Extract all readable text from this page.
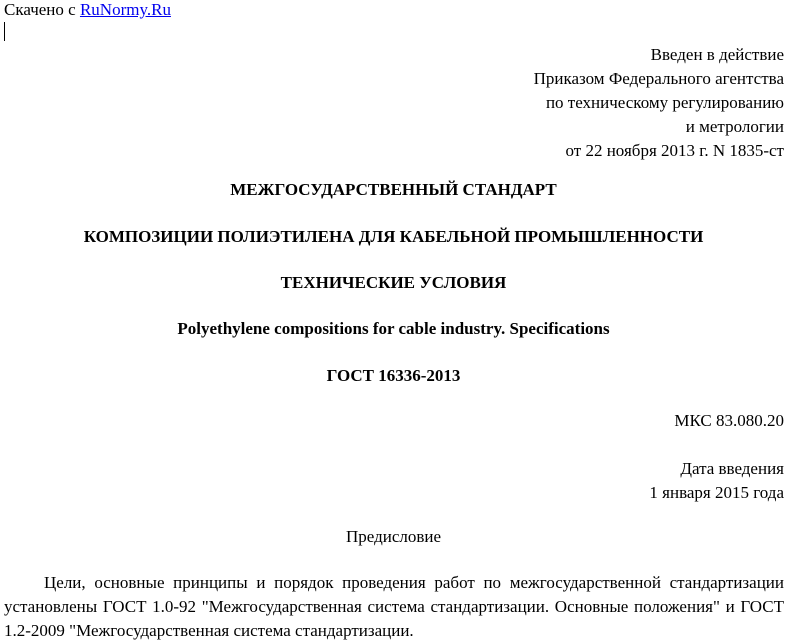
Скачено с RuNormy.Ru
Введен в действие
Приказом Федерального агентства
по техническому регулированию
и метрологии
от 22 ноября 2013 г. N 1835-ст
МЕЖГОСУДАРСТВЕННЫЙ СТАНДАРТ
КОМПОЗИЦИИ ПОЛИЭТИЛЕНА ДЛЯ КАБЕЛЬНОЙ ПРОМЫШЛЕННОСТИ
ТЕХНИЧЕСКИЕ УСЛОВИЯ
Polyethylene compositions for cable industry. Specifications
ГОСТ 16336-2013
МКС 83.080.20
Дата введения
1 января 2015 года
Предисловие
Цели, основные принципы и порядок проведения работ по межгосударственной стандартизации установлены ГОСТ 1.0-92 "Межгосударственная система стандартизации. Основные положения" и ГОСТ 1.2-2009 "Межгосударственная система стандартизации.
